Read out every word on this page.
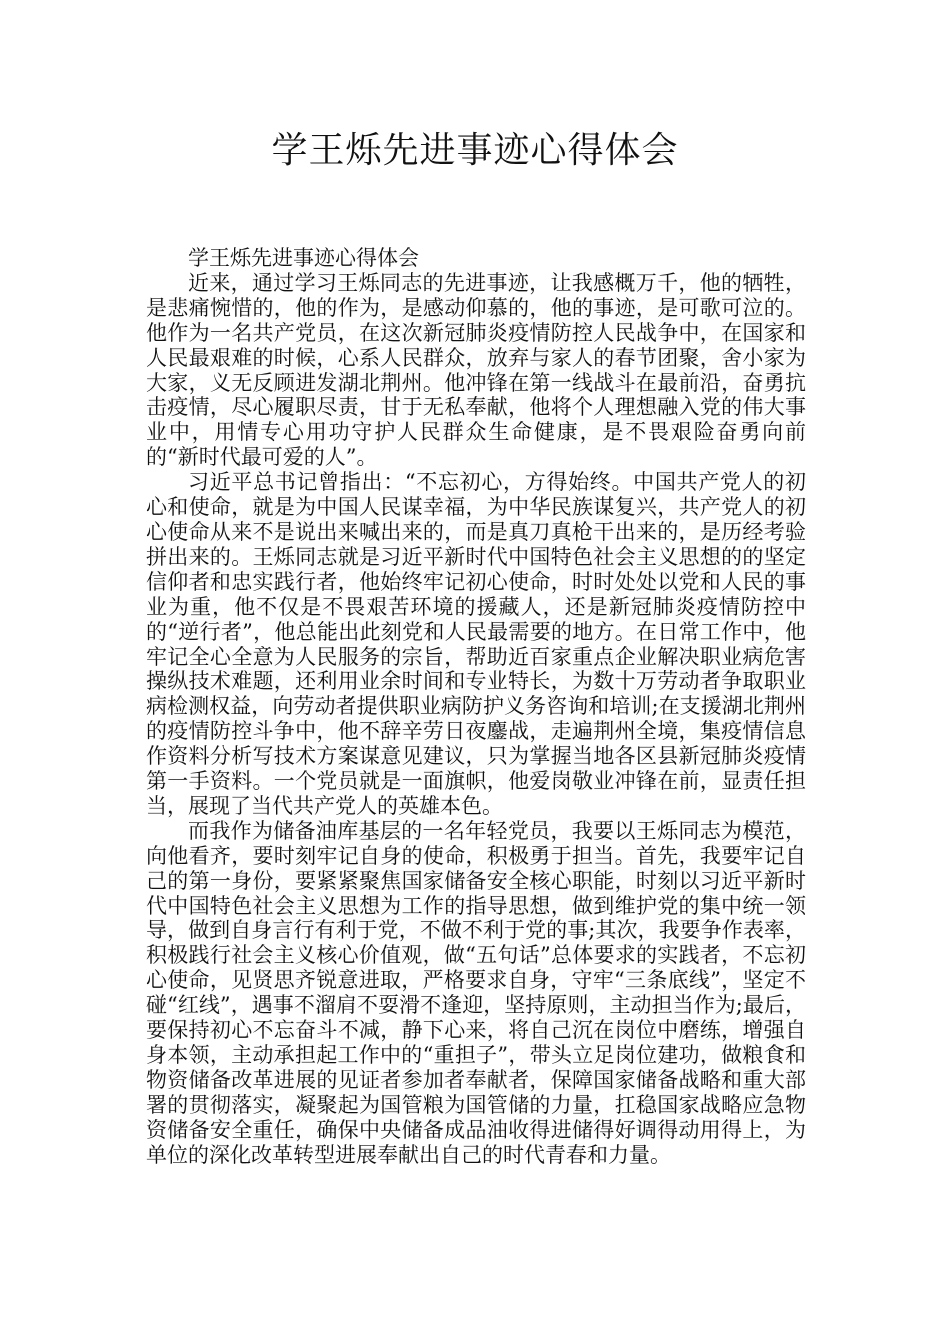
学王烁先进事迹心得体会

学王烁先进事迹心得体会

近来，通过学习王烁同志的先进事迹，让我感概万千，他的牺牲，是悲痛惋惜的，他的作为，是感动仰慕的，他的事迹，是可歌可泣的。他作为一名共产党员，在这次新冠肺炎疫情防控人民战争中，在国家和人民最艰难的时候，心系人民群众，放弃与家人的春节团聚，舍小家为大家，义无反顾进发湖北荆州。他冲锋在第一线战斗在最前沿，奋勇抗击疫情，尽心履职尽责，甘于无私奉献，他将个人理想融入党的伟大事业中，用情专心用功守护人民群众生命健康，是不畏艰险奋勇向前的“新时代最可爱的人”。

习近平总书记曾指出：“不忘初心，方得始终。中国共产党人的初心和使命，就是为中国人民谋幸福，为中华民族谋复兴，共产党人的初心使命从来不是说出来喊出来的，而是真刀真枪干出来的，是历经考验拼出来的。王烁同志就是习近平新时代中国特色社会主义思想的的坚定信仰者和忠实践行者，他始终牢记初心使命，时时处处以党和人民的事业为重，他不仅是不畏艰苦环境的援藏人，还是新冠肺炎疫情防控中的“逆行者”，他总能出此刻党和人民最需要的地方。在日常工作中，他牢记全心全意为人民服务的宗旨，帮助近百家重点企业解决职业病危害操纵技术难题，还利用业余时间和专业特长，为数十万劳动者争取职业病检测权益，向劳动者提供职业病防护义务咨询和培训;在支援湖北荆州的疫情防控斗争中，他不辞辛劳日夜鏖战，走遍荆州全境，集疫情信息作资料分析写技术方案谋意见建议，只为掌握当地各区县新冠肺炎疫情第一手资料。一个党员就是一面旗帜，他爱岗敬业冲锋在前，显责任担当，展现了当代共产党人的英雄本色。

而我作为储备油库基层的一名年轻党员，我要以王烁同志为模范，向他看齐，要时刻牢记自身的使命，积极勇于担当。首先，我要牢记自己的第一身份，要紧紧聚焦国家储备安全核心职能，时刻以习近平新时代中国特色社会主义思想为工作的指导思想，做到维护党的集中统一领导，做到自身言行有利于党，不做不利于党的事;其次，我要争作表率，积极践行社会主义核心价值观，做“五句话”总体要求的实践者，不忘初心使命，见贤思齐锐意进取，严格要求自身，守牢“三条底线”，坚定不碰“红线”，遇事不溜肩不耍滑不逢迎，坚持原则，主动担当作为;最后，要保持初心不忘奋斗不减，静下心来，将自己沉在岗位中磨练，增强自身本领，主动承担起工作中的“重担子”，带头立足岗位建功，做粮食和物资储备改革进展的见证者参加者奉献者，保障国家储备战略和重大部署的贯彻落实，凝聚起为国管粮为国管储的力量，扛稳国家战略应急物资储备安全重任，确保中央储备成品油收得进储得好调得动用得上，为单位的深化改革转型进展奉献出自己的时代青春和力量。
